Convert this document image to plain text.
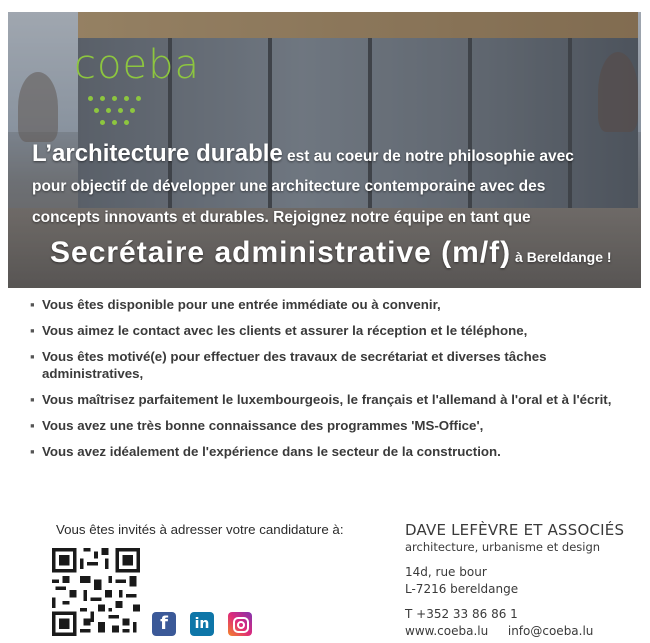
coeba
L’architecture durable est au coeur de notre philosophie avec
pour objectif de développer une architecture contemporaine avec des
concepts innovants et durables. Rejoignez notre équipe en tant que
Secrétaire administrative (m/f) à Bereldange !
▪ Vous êtes disponible pour une entrée immédiate ou à convenir,
▪ Vous aimez le contact avec les clients et assurer la réception et le téléphone,
▪ Vous êtes motivé(e) pour effectuer des travaux de secrétariat et diverses tâches administratives,
▪ Vous maîtrisez parfaitement le luxembourgeois, le français et l'allemand à l'oral et à l'écrit,
▪ Vous avez une très bonne connaissance des programmes 'MS-Office',
▪ Vous avez idéalement de l'expérience dans le secteur de la construction.
Vous êtes invités à adresser votre candidature à:	DAVE LEFÈVRE ET ASSOCIÉS
architecture, urbanisme et design
14d, rue bour
L-7216 bereldange
T +352 33 86 86 1
www.coeba.lu info@coeba.lu
f	in
